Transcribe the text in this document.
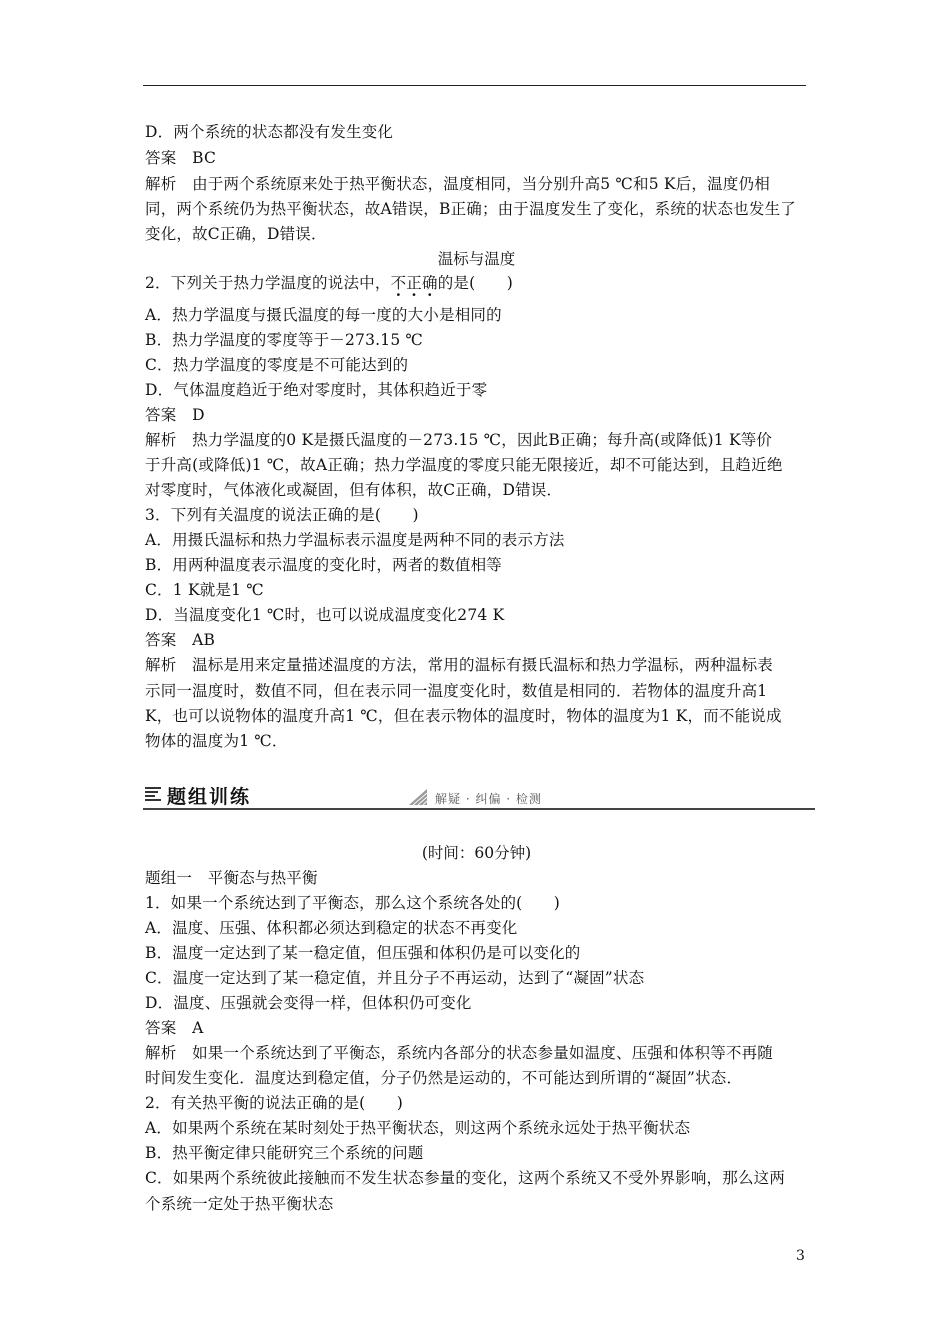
D．两个系统的状态都没有发生变化
答案　BC
解析　由于两个系统原来处于热平衡状态，温度相同，当分别升高5 ℃和5 K后，温度仍相
同，两个系统仍为热平衡状态，故A错误，B正确；由于温度发生了变化，系统的状态也发生了
变化，故C正确，D错误．
温标与温度
2．下列关于热力学温度的说法中，不正确的是(　　)
A．热力学温度与摄氏温度的每一度的大小是相同的
B．热力学温度的零度等于－273.15 ℃
C．热力学温度的零度是不可能达到的
D．气体温度趋近于绝对零度时，其体积趋近于零
答案　D
解析　热力学温度的0 K是摄氏温度的－273.15 ℃，因此B正确；每升高(或降低)1 K等价
于升高(或降低)1 ℃，故A正确；热力学温度的零度只能无限接近，却不可能达到，且趋近绝
对零度时，气体液化或凝固，但有体积，故C正确，D错误．
3．下列有关温度的说法正确的是(　　)
A．用摄氏温标和热力学温标表示温度是两种不同的表示方法
B．用两种温度表示温度的变化时，两者的数值相等
C．1 K就是1 ℃
D．当温度变化1 ℃时，也可以说成温度变化274 K
答案　AB
解析　温标是用来定量描述温度的方法，常用的温标有摄氏温标和热力学温标，两种温标表
示同一温度时，数值不同，但在表示同一温度变化时，数值是相同的．若物体的温度升高1
K，也可以说物体的温度升高1 ℃，但在表示物体的温度时，物体的温度为1 K，而不能说成
物体的温度为1 ℃．
题组训练	解疑 · 纠偏 · 检测
(时间：60分钟)
题组一　平衡态与热平衡
1．如果一个系统达到了平衡态，那么这个系统各处的(　　)
A．温度、压强、体积都必须达到稳定的状态不再变化
B．温度一定达到了某一稳定值，但压强和体积仍是可以变化的
C．温度一定达到了某一稳定值，并且分子不再运动，达到了“凝固”状态
D．温度、压强就会变得一样，但体积仍可变化
答案　A
解析　如果一个系统达到了平衡态，系统内各部分的状态参量如温度、压强和体积等不再随
时间发生变化．温度达到稳定值，分子仍然是运动的，不可能达到所谓的“凝固”状态．
2．有关热平衡的说法正确的是(　　)
A．如果两个系统在某时刻处于热平衡状态，则这两个系统永远处于热平衡状态
B．热平衡定律只能研究三个系统的问题
C．如果两个系统彼此接触而不发生状态参量的变化，这两个系统又不受外界影响，那么这两
个系统一定处于热平衡状态
3
